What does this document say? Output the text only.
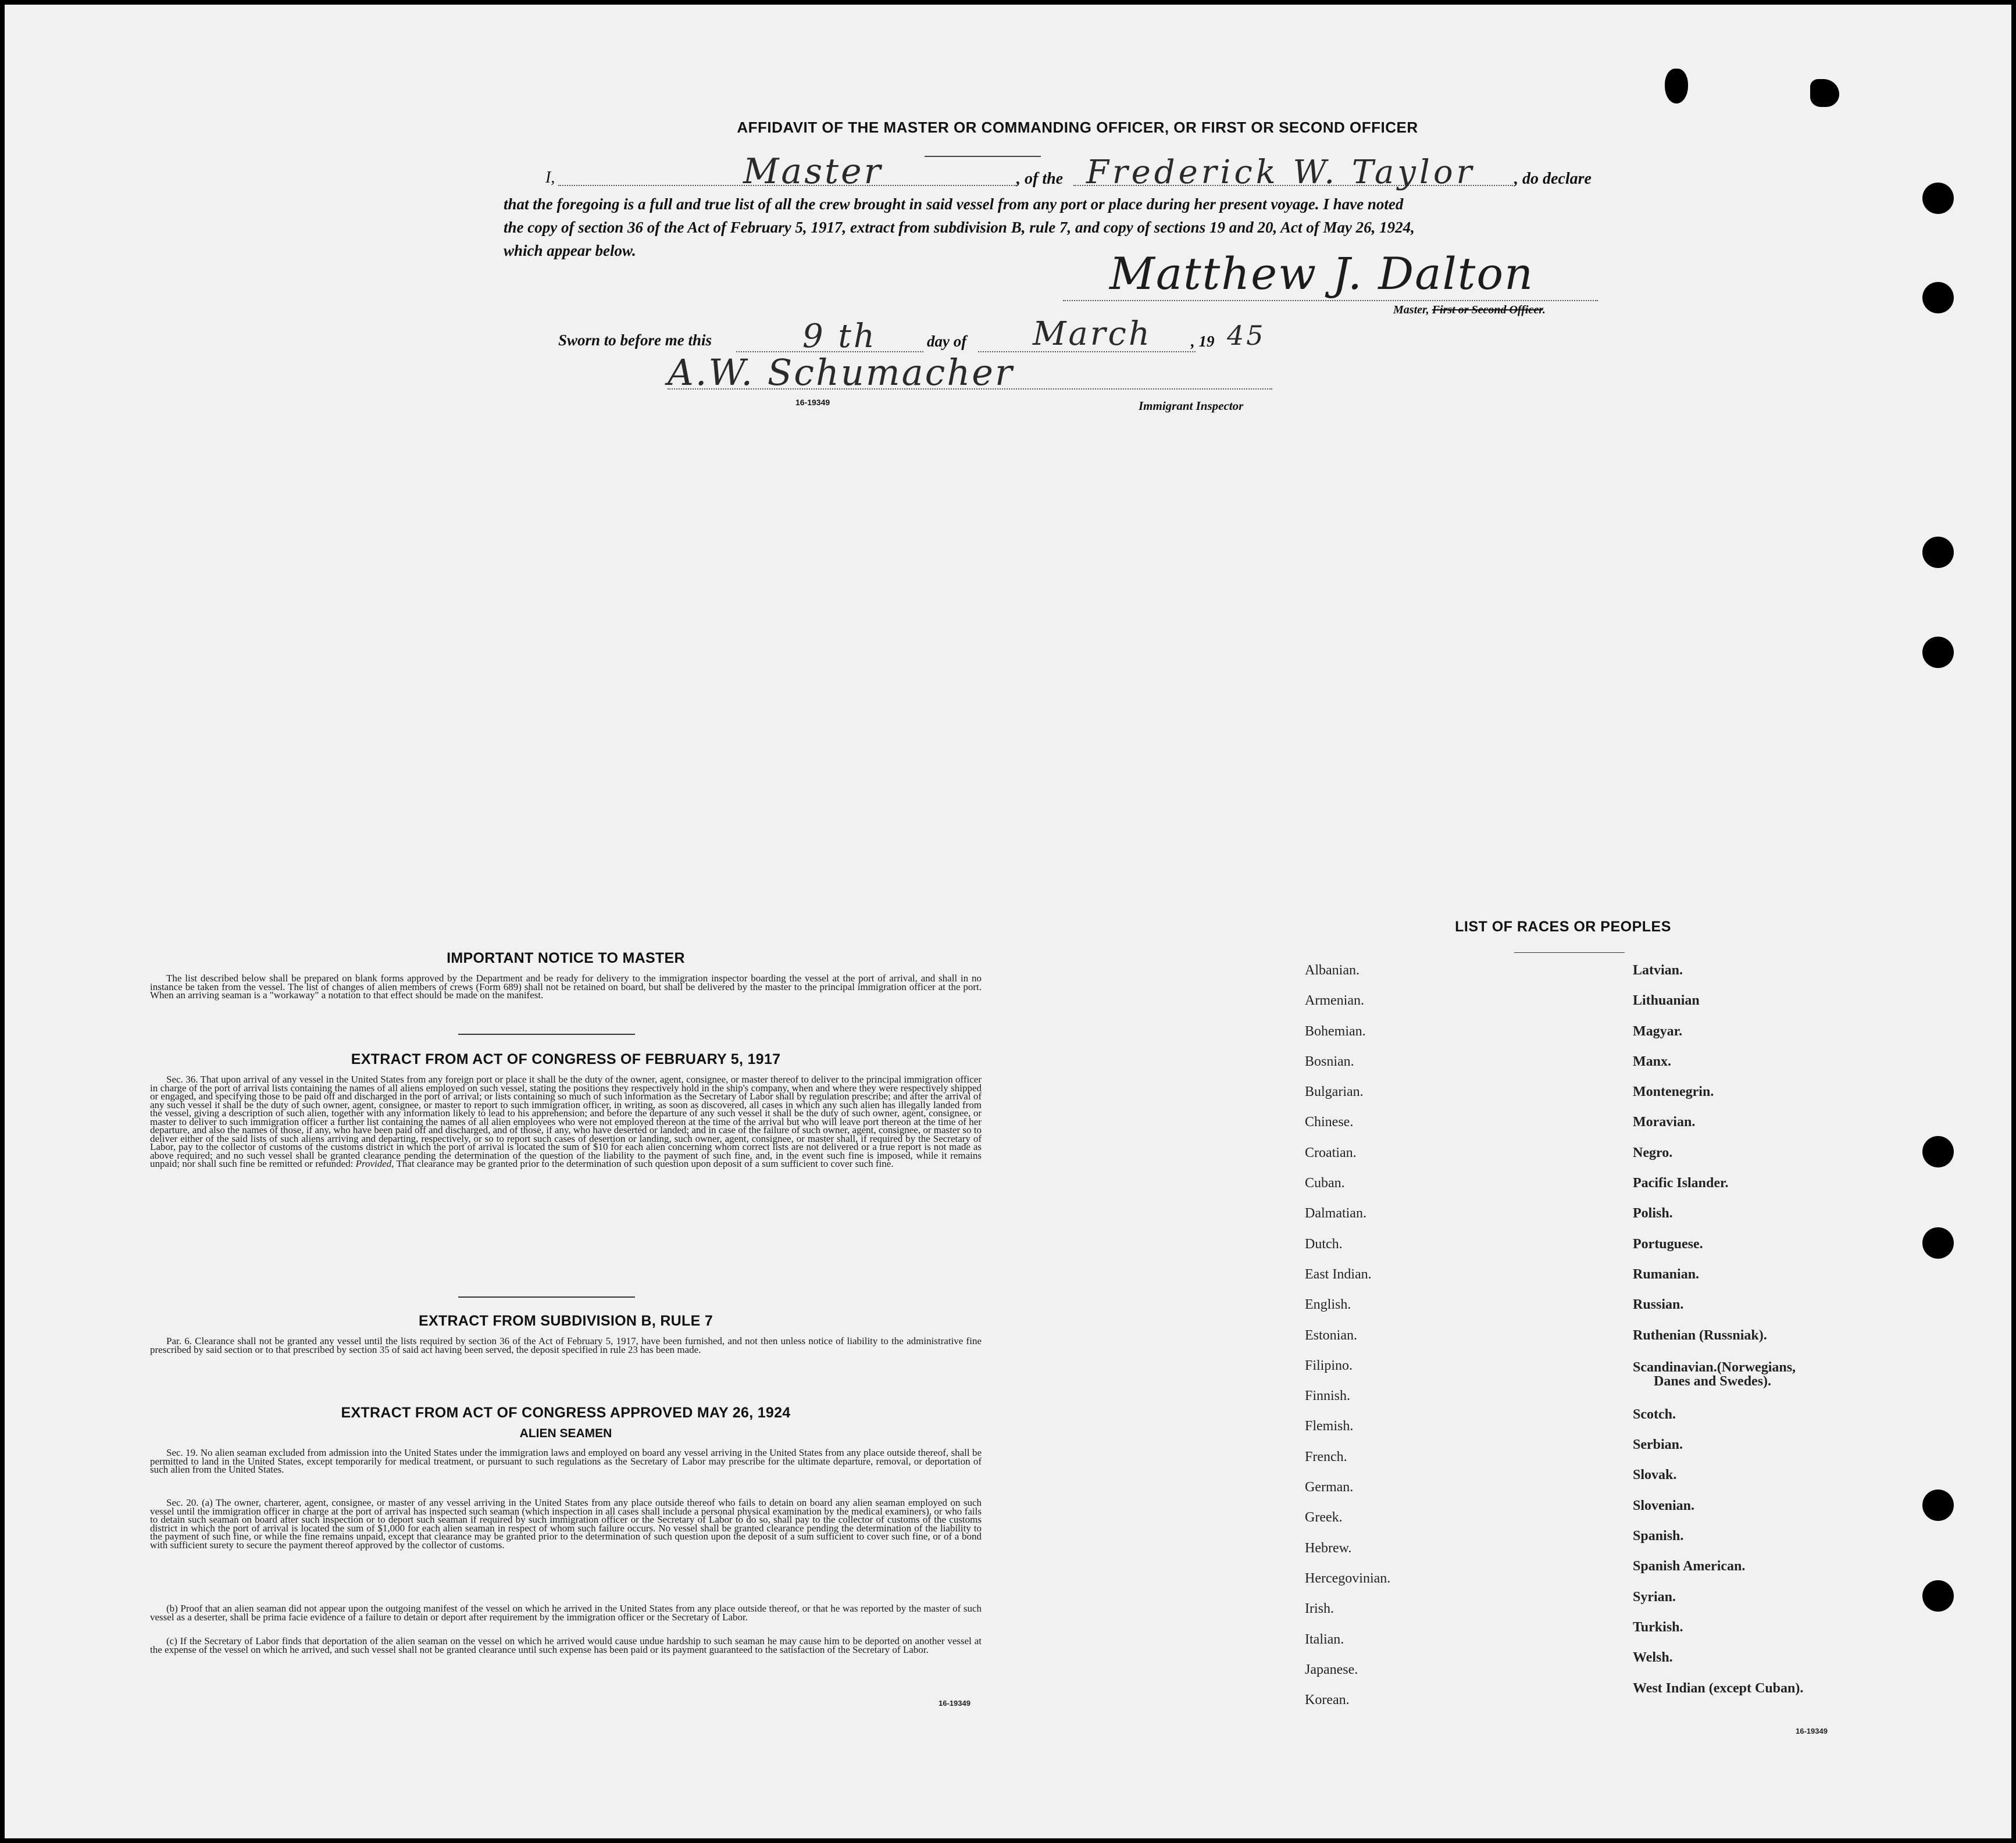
AFFIDAVIT OF THE MASTER OR COMMANDING OFFICER, OR FIRST OR SECOND OFFICER
I,	Master	, of the Frederick W. Taylor , do declare
that the foregoing is a full and true list of all the crew brought in said vessel from any port or place during her present voyage. I have noted
the copy of section 36 of the Act of February 5, 1917, extract from subdivision B, rule 7, and copy of sections 19 and 20, Act of May 26, 1924,
which appear below.	Matthew J. Dalton
Master, First or Second Officer.
Sworn to before me this	9 th	day of March , 19 45
A.W. Schumacher
16-19349	Immigrant Inspector
IMPORTANT NOTICE TO MASTER
The list described below shall be prepared on blank forms approved by the Department and be ready for delivery to the immigration inspector boarding the vessel at the port of arrival, and shall in no instance be taken from the vessel. The list of changes of alien members of crews (Form 689) shall not be retained on board, but shall be delivered by the master to the principal immigration officer at the port. When an arriving seaman is a "workaway" a notation to that effect should be made on the manifest.
EXTRACT FROM ACT OF CONGRESS OF FEBRUARY 5, 1917
Sec. 36. That upon arrival of any vessel in the United States from any foreign port or place it shall be the duty of the owner, agent, consignee, or master thereof to deliver to the principal immigration officer in charge of the port of arrival lists containing the names of all aliens employed on such vessel, stating the positions they respectively hold in the ship's company, when and where they were respectively shipped or engaged, and specifying those to be paid off and discharged in the port of arrival; or lists containing so much of such information as the Secretary of Labor shall by regulation prescribe; and after the arrival of any such vessel it shall be the duty of such owner, agent, consignee, or master to report to such immigration officer, in writing, as soon as discovered, all cases in which any such alien has illegally landed from the vessel, giving a description of such alien, together with any information likely to lead to his apprehension; and before the departure of any such vessel it shall be the duty of such owner, agent, consignee, or master to deliver to such immigration officer a further list containing the names of all alien employees who were not employed thereon at the time of the arrival but who will leave port thereon at the time of her departure, and also the names of those, if any, who have been paid off and discharged, and of those, if any, who have deserted or landed; and in case of the failure of such owner, agent, consignee, or master so to deliver either of the said lists of such aliens arriving and departing, respectively, or so to report such cases of desertion or landing, such owner, agent, consignee, or master shall, if required by the Secretary of Labor, pay to the collector of customs of the customs district in which the port of arrival is located the sum of $10 for each alien concerning whom correct lists are not delivered or a true report is not made as above required; and no such vessel shall be granted clearance pending the determination of the question of the liability to the payment of such fine, and, in the event such fine is imposed, while it remains unpaid; nor shall such fine be remitted or refunded: Provided, That clearance may be granted prior to the determination of such question upon deposit of a sum sufficient to cover such fine.
EXTRACT FROM SUBDIVISION B, RULE 7
Par. 6. Clearance shall not be granted any vessel until the lists required by section 36 of the Act of February 5, 1917, have been furnished, and not then unless notice of liability to the administrative fine prescribed by said section or to that prescribed by section 35 of said act having been served, the deposit specified in rule 23 has been made.
EXTRACT FROM ACT OF CONGRESS APPROVED MAY 26, 1924
ALIEN SEAMEN
Sec. 19. No alien seaman excluded from admission into the United States under the immigration laws and employed on board any vessel arriving in the United States from any place outside thereof, shall be permitted to land in the United States, except temporarily for medical treatment, or pursuant to such regulations as the Secretary of Labor may prescribe for the ultimate departure, removal, or deportation of such alien from the United States.
Sec. 20. (a) The owner, charterer, agent, consignee, or master of any vessel arriving in the United States from any place outside thereof who fails to detain on board any alien seaman employed on such vessel until the immigration officer in charge at the port of arrival has inspected such seaman (which inspection in all cases shall include a personal physical examination by the medical examiners), or who fails to detain such seaman on board after such inspection or to deport such seaman if required by such immigration officer or the Secretary of Labor to do so, shall pay to the collector of customs of the customs district in which the port of arrival is located the sum of $1,000 for each alien seaman in respect of whom such failure occurs. No vessel shall be granted clearance pending the determination of the liability to the payment of such fine, or while the fine remains unpaid, except that clearance may be granted prior to the determination of such question upon the deposit of a sum sufficient to cover such fine, or of a bond with sufficient surety to secure the payment thereof approved by the collector of customs.
(b) Proof that an alien seaman did not appear upon the outgoing manifest of the vessel on which he arrived in the United States from any place outside thereof, or that he was reported by the master of such vessel as a deserter, shall be prima facie evidence of a failure to detain or deport after requirement by the immigration officer or the Secretary of Labor.
(c) If the Secretary of Labor finds that deportation of the alien seaman on the vessel on which he arrived would cause undue hardship to such seaman he may cause him to be deported on another vessel at the expense of the vessel on which he arrived, and such vessel shall not be granted clearance until such expense has been paid or its payment guaranteed to the satisfaction of the Secretary of Labor.
16-19349
LIST OF RACES OR PEOPLES
Albanian.
Armenian.
Bohemian.
Bosnian.
Bulgarian.
Chinese.
Croatian.
Cuban.
Dalmatian.
Dutch.
East Indian.
English.
Estonian.
Filipino.
Finnish.
Flemish.
French.
German.
Greek.
Hebrew.
Hercegovinian.
Irish.
Italian.
Japanese.
Korean.
Latvian.
Lithuanian
Magyar.
Manx.
Montenegrin.
Moravian.
Negro.
Pacific Islander.
Polish.
Portuguese.
Rumanian.
Russian.
Ruthenian (Russniak).
Scandinavian.(Norwegians,
Danes and Swedes).
Scotch.
Serbian.
Slovak.
Slovenian.
Spanish.
Spanish American.
Syrian.
Turkish.
Welsh.
West Indian (except Cuban).
16-19349
